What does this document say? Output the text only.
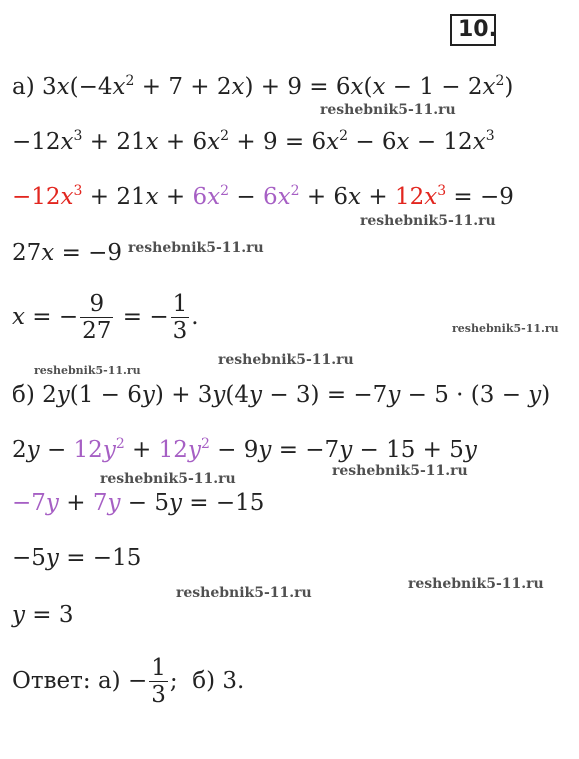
10.
а) $3x(-4x^2 + 7 + 2x) + 9 = 6x(x - 1 - 2x^2)$
$-12x^3 + 21x + 6x^2 + 9 = 6x^2 - 6x - 12x^3$
$-12x^3 + 21x + 6x^2 - 6x^2 + 6x + 12x^3 = -9$
27x = −9
x = − $\frac{9}{27}$ = − $\frac{1}{3}$ .
б) 2y(1 − 6y) + 3y(4y − 3) = −7y − 5 · (3 − y)
$2y - 12y^2 + 12y^2 - 9y = -7y - 15 + 5y$
−7y + 7y − 5y = −15
−5y = −15
y = 3
Ответ: $а) - \frac{1}{3}$ ; б) 3.
reshebnik5-11.ru
reshebnik5-11.ru
reshebnik5-11.ru
reshebnik5-11.ru
reshebnik5-11.ru
reshebnik5-11.ru
reshebnik5-11.ru
reshebnik5-11.ru
reshebnik5-11.ru
reshebnik5-11.ru
